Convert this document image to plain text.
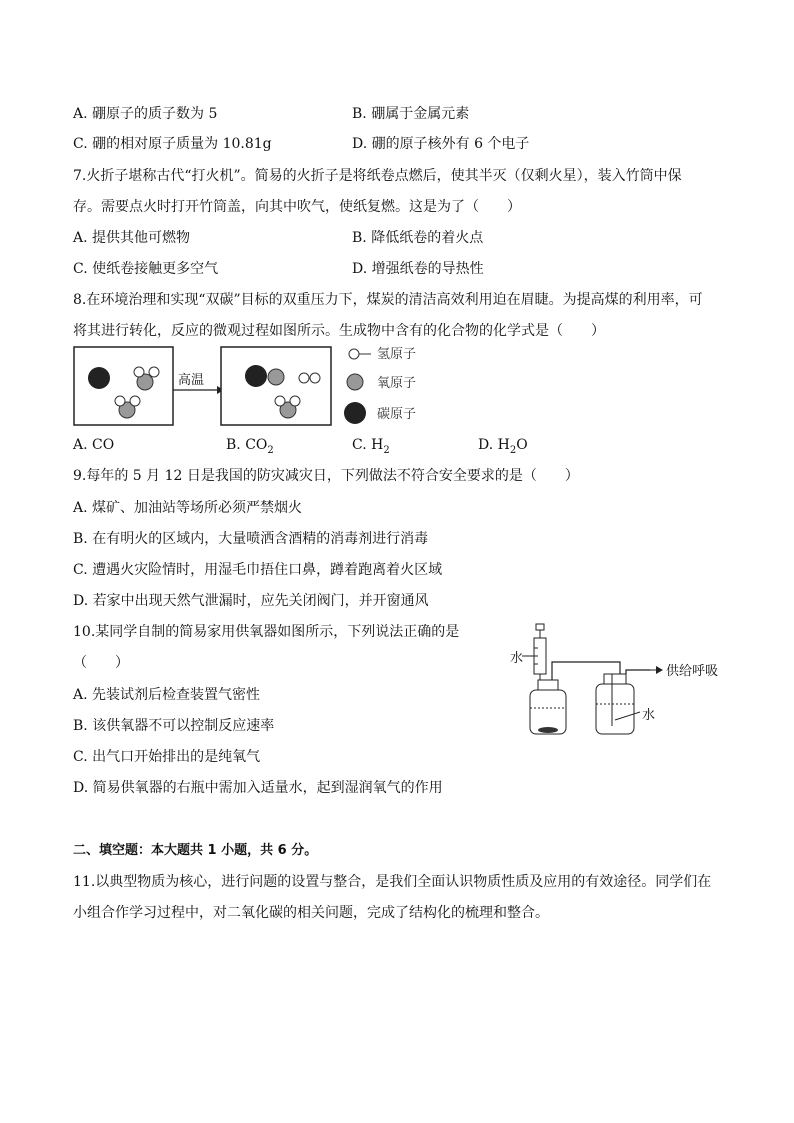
A. 硼原子的质子数为 5	B. 硼属于金属元素
C. 硼的相对原子质量为 10.81g	D. 硼的原子核外有 6 个电子
7.火折子堪称古代“打火机”。简易的火折子是将纸卷点燃后，使其半灭（仅剩火星），装入竹筒中保
存。需要点火时打开竹筒盖，向其中吹气，使纸复燃。这是为了（　　）
A. 提供其他可燃物	B. 降低纸卷的着火点
C. 使纸卷接触更多空气	D. 增强纸卷的导热性
8.在环境治理和实现“双碳”目标的双重压力下，煤炭的清洁高效利用迫在眉睫。为提高煤的利用率，可
将其进行转化，反应的微观过程如图所示。生成物中含有的化合物的化学式是（　　）
高温
氢原子
氧原子
碳原子
A. CO	B. $CO_2$	C. $H_2$	D. $H_2O$
9.每年的 5 月 12 日是我国的防灾减灾日，下列做法不符合安全要求的是（　　）
A. 煤矿、加油站等场所必须严禁烟火
B. 在有明火的区域内，大量喷洒含酒精的消毒剂进行消毒
C. 遭遇火灾险情时，用湿毛巾捂住口鼻，蹲着跑离着火区域
D. 若家中出现天然气泄漏时，应先关闭阀门，并开窗通风
10.某同学自制的简易家用供氧器如图所示，下列说法正确的是
（　　）
A. 先装试剂后检查装置气密性
B. 该供氧器不可以控制反应速率
C. 出气口开始排出的是纯氧气
D. 简易供氧器的右瓶中需加入适量水，起到湿润氧气的作用
水
供给呼吸
水
二、填空题：本大题共 1 小题，共 6 分。
11.以典型物质为核心，进行问题的设置与整合，是我们全面认识物质性质及应用的有效途径。同学们在
小组合作学习过程中，对二氧化碳的相关问题，完成了结构化的梳理和整合。
